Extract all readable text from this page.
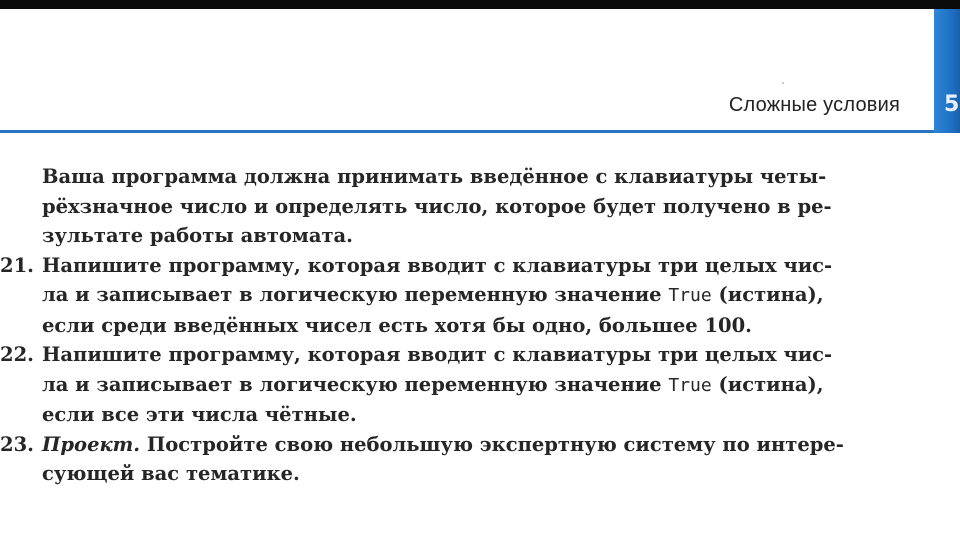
5
Сложные условия
Ваша программа должна принимать введённое с клавиатуры четы-
рёхзначное число и определять число, которое будет получено в ре-
зультате работы автомата.
21. Напишите программу, которая вводит с клавиатуры три целых чис-
ла и записывает в логическую переменную значение True (истина),
если среди введённых чисел есть хотя бы одно, большее 100.
22. Напишите программу, которая вводит с клавиатуры три целых чис-
ла и записывает в логическую переменную значение True (истина),
если все эти числа чётные.
23. Проект. Постройте свою небольшую экспертную систему по интере-
сующей вас тематике.
